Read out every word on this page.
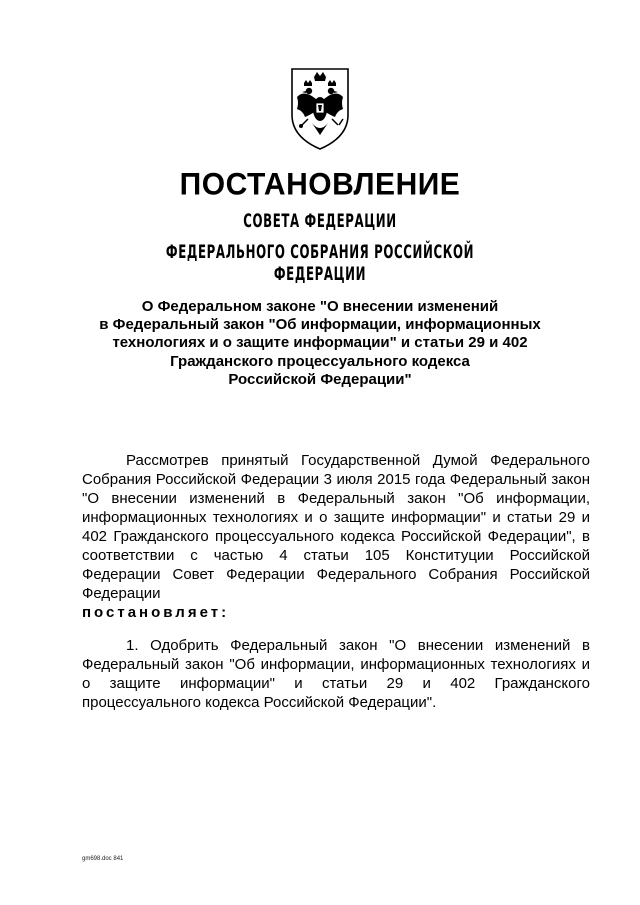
ПОСТАНОВЛЕНИЕ
СОВЕТА ФЕДЕРАЦИИ
ФЕДЕРАЛЬНОГО СОБРАНИЯ РОССИЙСКОЙ ФЕДЕРАЦИИ
О Федеральном законе "О внесении изменений
в Федеральный закон "Об информации, информационных
технологиях и о защите информации" и статьи 29 и 402
Гражданского процессуального кодекса
Российской Федерации"
Рассмотрев принятый Государственной Думой Федерального Собрания Российской Федерации 3 июля 2015 года Федеральный закон "О внесении изменений в Федеральный закон "Об информации, информационных технологиях и о защите информации" и статьи 29 и 402 Гражданского процессуального кодекса Российской Федерации", в соответствии с частью 4 статьи 105 Конституции Российской Федерации Совет Федерации Федерального Собрания Российской Федерации
постановляет:
1. Одобрить Федеральный закон "О внесении изменений в Федеральный закон "Об информации, информационных технологиях и о защите информации" и статьи 29 и 402 Гражданского процессуального кодекса Российской Федерации".
gm698.doc 841
